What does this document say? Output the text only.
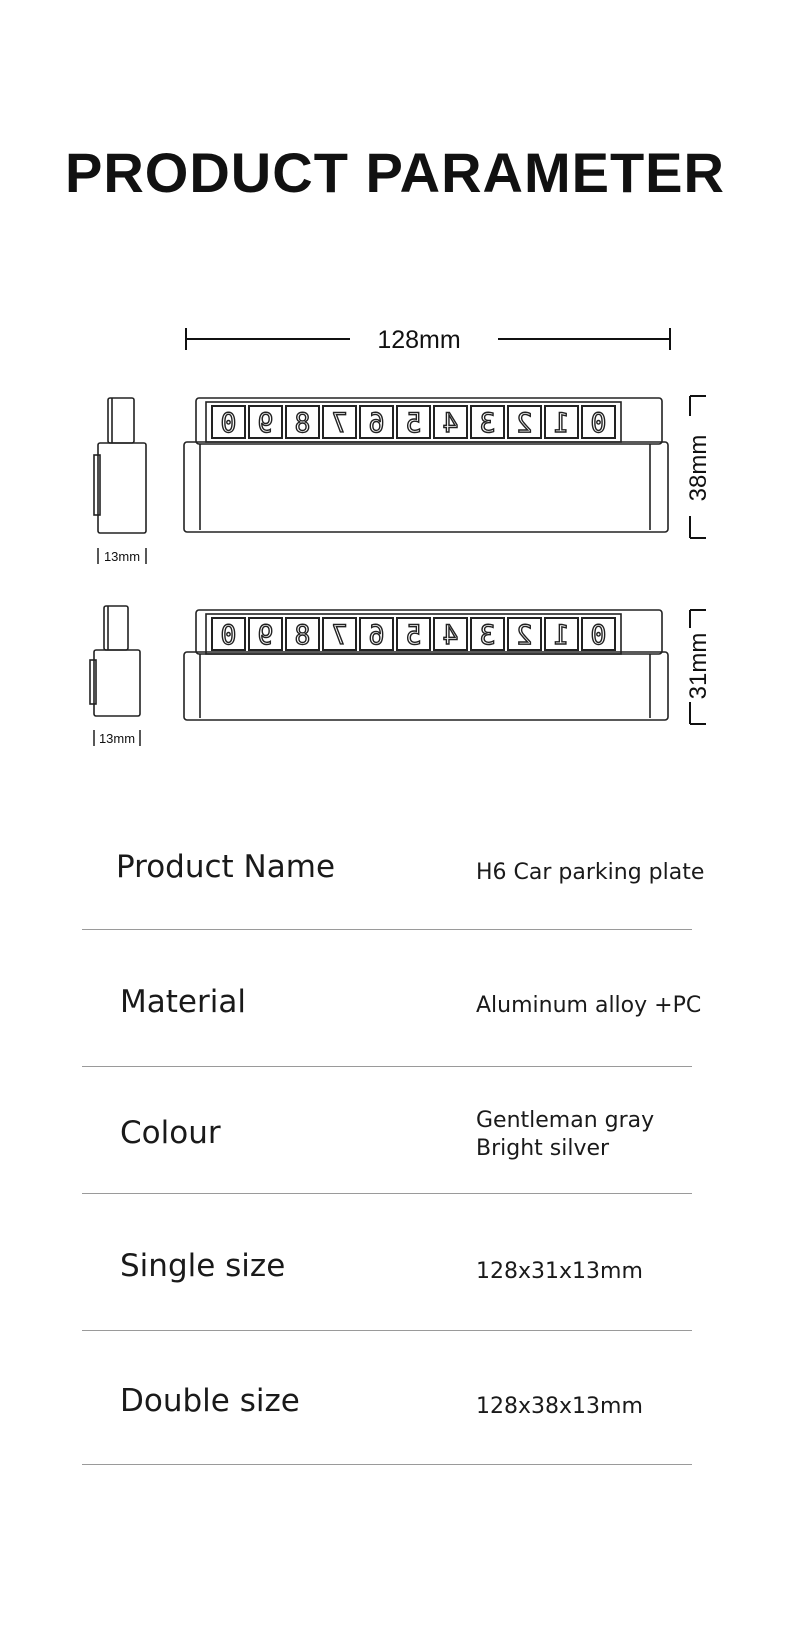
PRODUCT PARAMETER
128mm
13mm
0 9 8 7 6 5 4 3 2 1 0
38mm
13mm
0 9 8 7 6 5 4 3 2 1 0	31mm
Product Name	H6 Car parking plate
Material	Aluminum alloy +PC
Colour	Gentleman gray
Bright silver
Single size	128x31x13mm
Double size	128x38x13mm
